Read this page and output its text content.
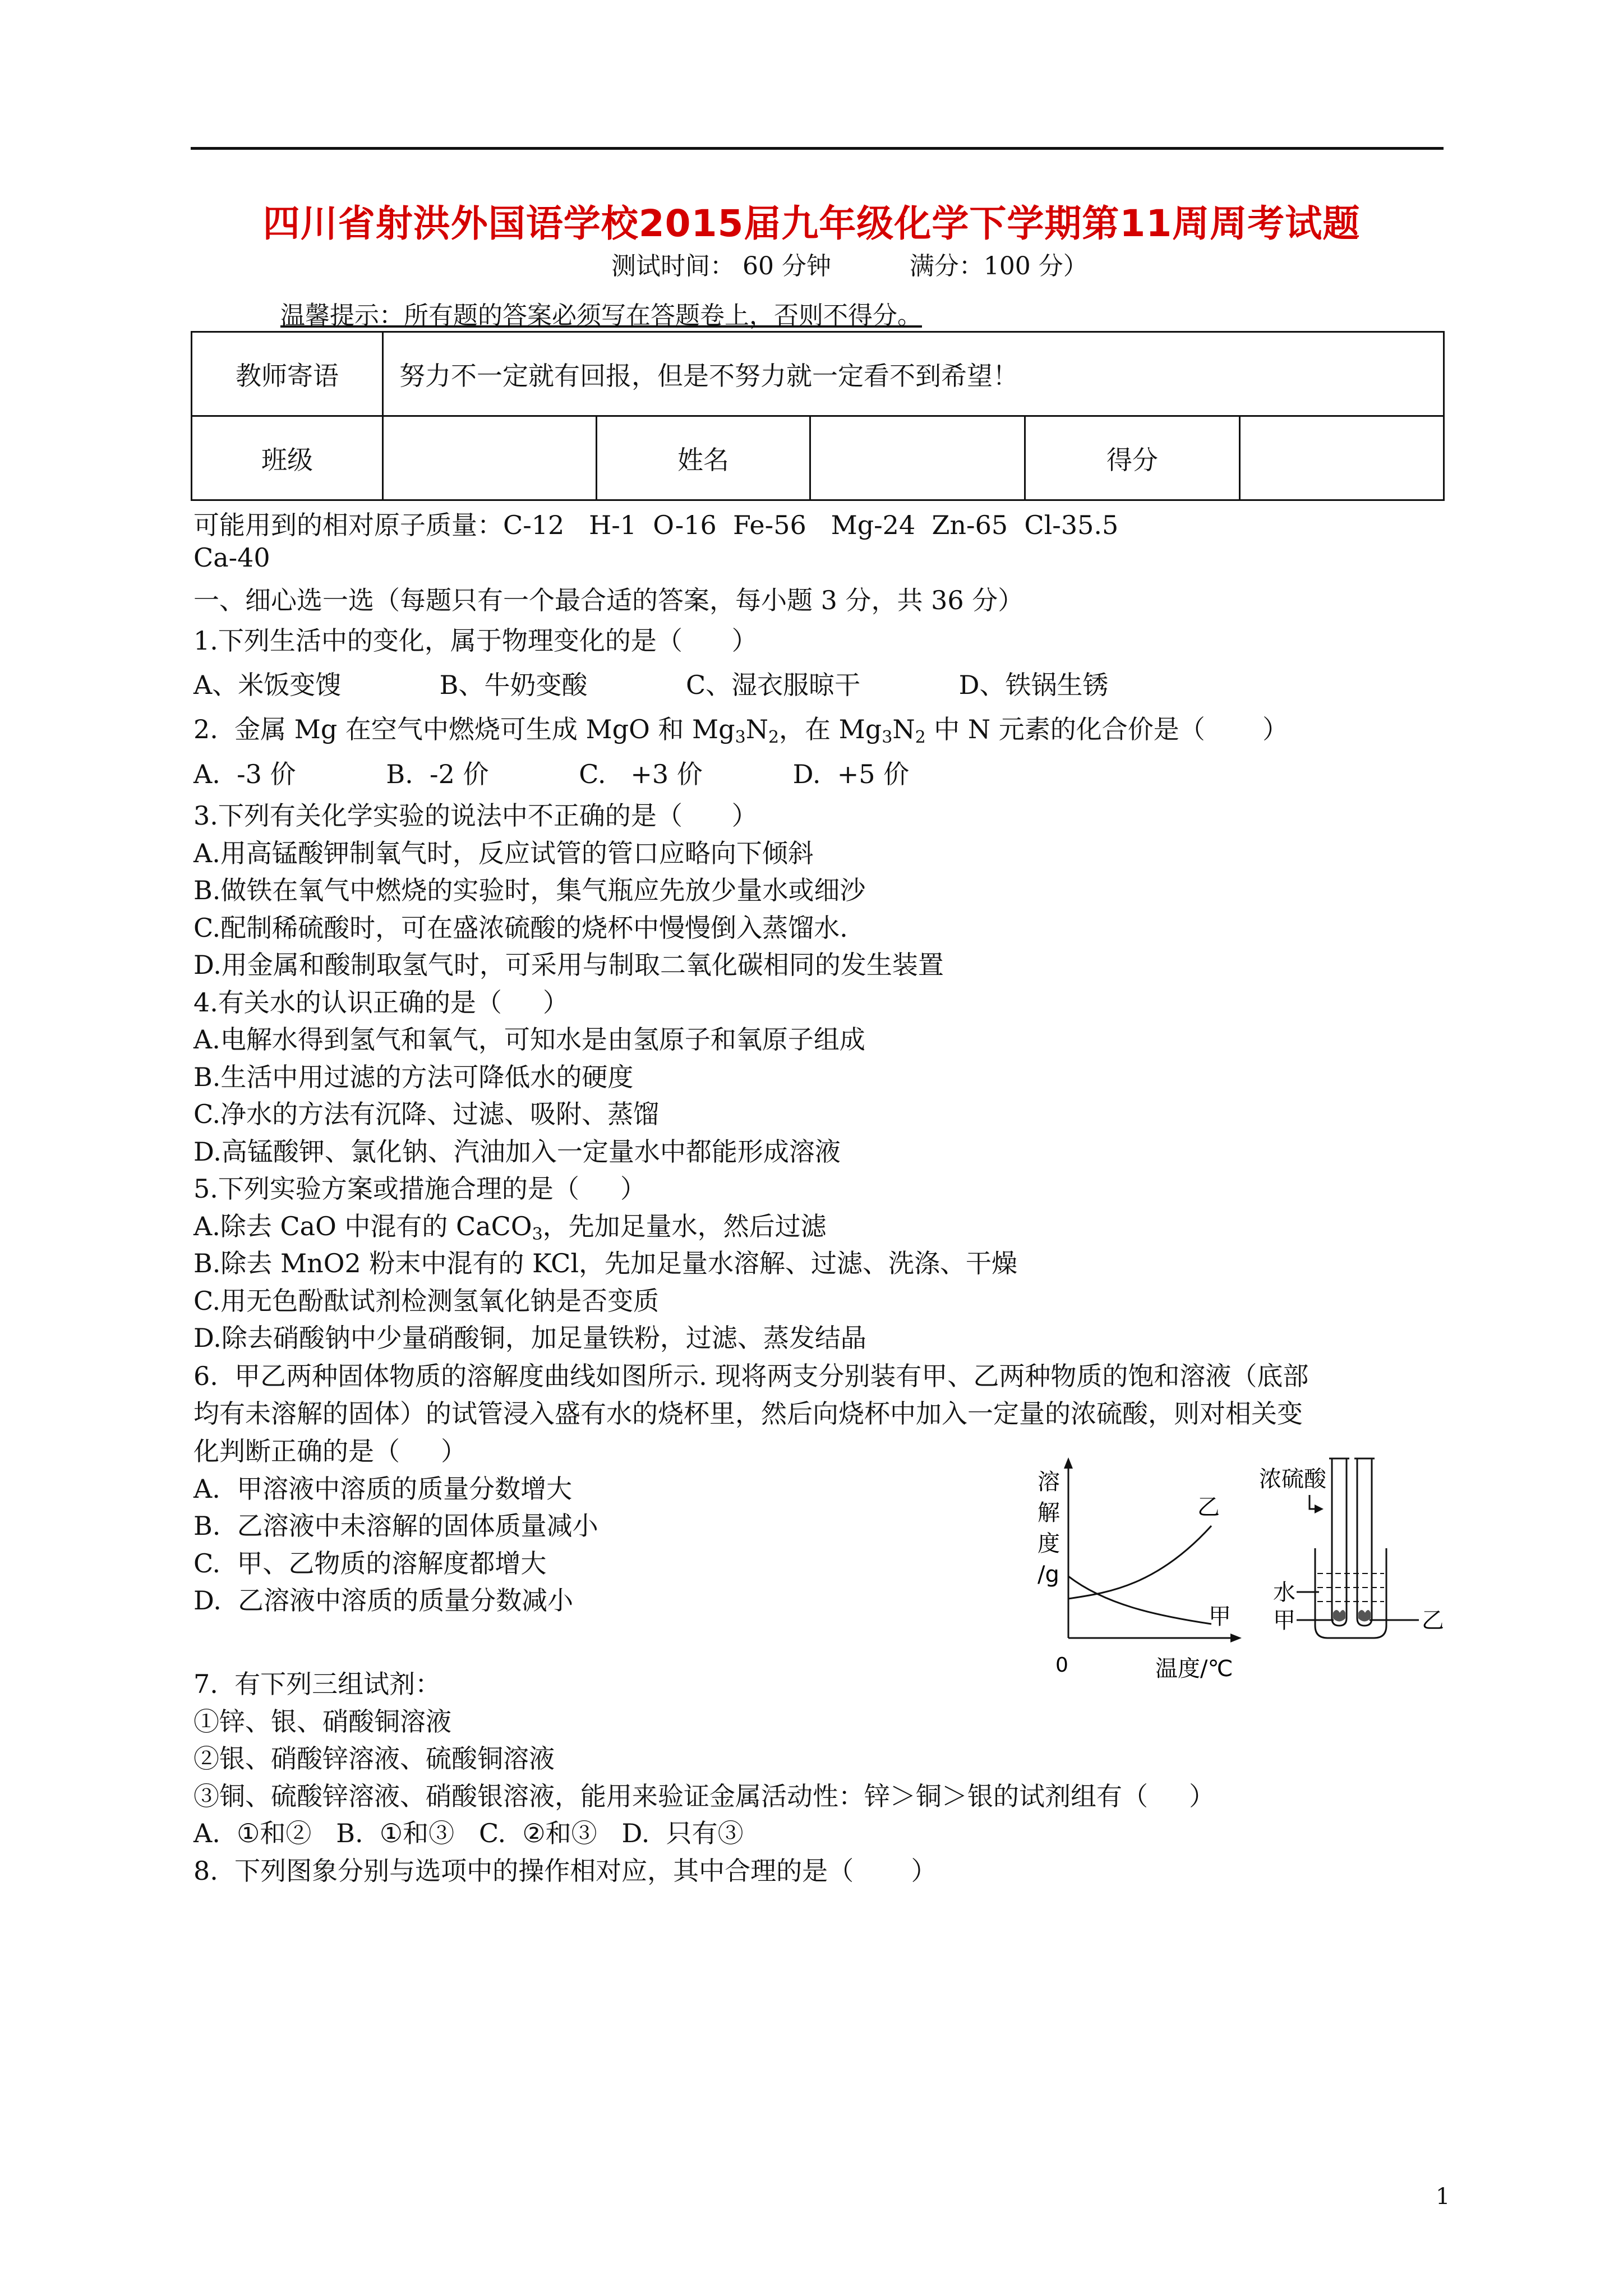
四川省射洪外国语学校2015届九年级化学下学期第11周周考试题
测试时间： 60 分钟          满分：100 分）
温馨提示：所有题的答案必须写在答题卷上，否则不得分。
教师寄语	努力不一定就有回报，但是不努力就一定看不到希望！				
班级		姓名		得分	
可能用到的相对原子质量：C-12   H-1  O-16  Fe-56   Mg-24  Zn-65  Cl-35.5
Ca-40
一、细心选一选（每题只有一个最合适的答案，每小题 3 分，共 36 分）
1.下列生活中的变化，属于物理变化的是（      ）
A、米饭变馊            B、牛奶变酸            C、湿衣服晾干            D、铁锅生锈
2.  金属 Mg 在空气中燃烧可生成 MgO 和 $Mg_3N_2$，在 $Mg_3N_2$ 中 N 元素的化合价是（       ）
A.  -3 价           B.  -2 价           C.   +3 价           D.  +5 价
3.下列有关化学实验的说法中不正确的是（      ）
A.用高锰酸钾制氧气时，反应试管的管口应略向下倾斜
B.做铁在氧气中燃烧的实验时，集气瓶应先放少量水或细沙
C.配制稀硫酸时，可在盛浓硫酸的烧杯中慢慢倒入蒸馏水.
D.用金属和酸制取氢气时，可采用与制取二氧化碳相同的发生装置
4.有关水的认识正确的是（     ）
A.电解水得到氢气和氧气，可知水是由氢原子和氧原子组成
B.生活中用过滤的方法可降低水的硬度
C.净水的方法有沉降、过滤、吸附、蒸馏
D.高锰酸钾、氯化钠、汽油加入一定量水中都能形成溶液
5.下列实验方案或措施合理的是（     ）
A.除去 CaO 中混有的 CaCO$_3$，先加足量水，然后过滤
B.除去 MnO2 粉末中混有的 KCl，先加足量水溶解、过滤、洗涤、干燥
C.用无色酚酞试剂检测氢氧化钠是否变质
D.除去硝酸钠中少量硝酸铜，加足量铁粉，过滤、蒸发结晶
6.  甲乙两种固体物质的溶解度曲线如图所示. 现将两支分别装有甲、乙两种物质的饱和溶液（底部
均有未溶解的固体）的试管浸入盛有水的烧杯里，然后向烧杯中加入一定量的浓硫酸，则对相关变
化判断正确的是（     ）
A.  甲溶液中溶质的质量分数增大
B.  乙溶液中未溶解的固体质量减小
C.  甲、乙物质的溶解度都增大
D.  乙溶液中溶质的质量分数减小
溶
解
度
/g
0	温度/℃
乙
甲
浓硫酸
水
甲	乙
7.  有下列三组试剂：
①锌、银、硝酸铜溶液
②银、硝酸锌溶液、硫酸铜溶液
③铜、硫酸锌溶液、硝酸银溶液，能用来验证金属活动性：锌＞铜＞银的试剂组有（     ）
A.  ①和②   B.  ①和③   C.  ②和③   D.  只有③
8.  下列图象分别与选项中的操作相对应，其中合理的是（       ）
1
